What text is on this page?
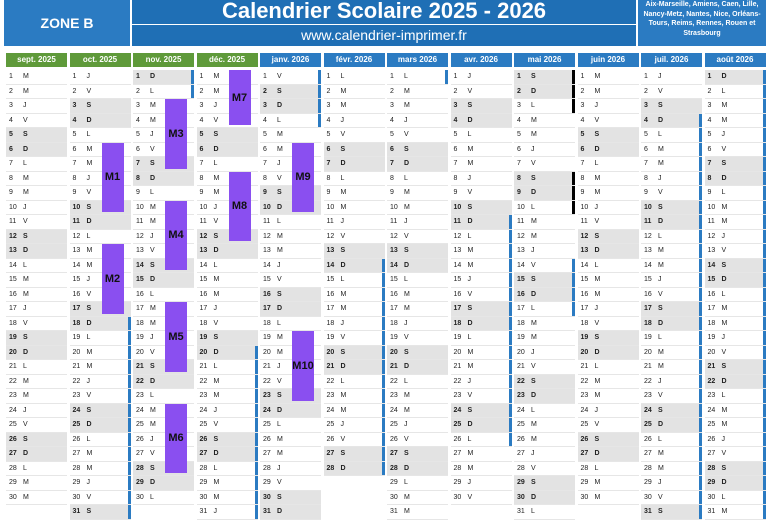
ZONE B	Calendrier Scolaire 2025 - 2026
www.calendrier-imprimer.fr
Aix-Marseille, Amiens, Caen, Lille, Nancy-Metz, Nantes, Nice, Orléans-Tours, Reims, Rennes, Rouen et Strasbourg
sept. 2025
1 M
2 M
3 J
4 V
5 S
6 D
7 L
8 M
9 M
10 J
11 V
12 S
13 D
14 L
15 M
16 M
17 J
18 V
19 S
20 D
21 L
22 M
23 M
24 J
25 V
26 S
27 D
28 L
29 M
30 M
oct. 2025
1 J
2 V
3 S
4 D
5 L
6 M
7 M
8 J
9 V
10 S
11 D
12 L
13 M
14 M
15 J
16 V
17 S
18 D
19 L
20 M
21 M
22 J
23 V
24 S
25 D
26 L
27 M
28 M
29 J
30 V
31 S
nov. 2025
1 D
2 L
3 M
4 M
5 J
6 V
7 S
8 D
9 L
10 M
11 M
12 J
13 V
14 S
15 D
16 L
17 M
18 M
19 J
20 V
21 S
22 D
23 L
24 M
25 M
26 J
27 V
28 S
29 D
30 L
déc. 2025
1 M
2 M
3 J
4 V
5 S
6 D
7 L
8 M
9 M
10 J
11 V
12 S
13 D
14 L
15 M
16 M
17 J
18 V
19 S
20 D
21 L
22 M
23 M
24 J
25 V
26 S
27 D
28 L
29 M
30 M
31 J
janv. 2026
1 V
2 S
3 D
4 L
5 M
6 M
7 J
8 V
9 S
10 D
11 L
12 M
13 M
14 J
15 V
16 S
17 D
18 L
19 M
20 M
21 J
22 V
23 S
24 D
25 L
26 M
27 M
28 J
29 V
30 S
31 D
févr. 2026
1 L
2 M
3 M
4 J
5 V
6 S
7 D
8 L
9 M
10 M
11 J
12 V
13 S
14 D
15 L
16 M
17 M
18 J
19 V
20 S
21 D
22 L
23 M
24 M
25 J
26 V
27 S
28 D
mars 2026
1 L
2 M
3 M
4 J
5 V
6 S
7 D
8 L
9 M
10 M
11 J
12 V
13 S
14 D
15 L
16 M
17 M
18 J
19 V
20 S
21 D
22 L
23 M
24 M
25 J
26 V
27 S
28 D
29 L
30 M
31 M
avr. 2026
1 J
2 V
3 S
4 D
5 L
6 M
7 M
8 J
9 V
10 S
11 D
12 L
13 M
14 M
15 J
16 V
17 S
18 D
19 L
20 M
21 M
22 J
23 V
24 S
25 D
26 L
27 M
28 M
29 J
30 V
mai 2026
1 S
2 D
3 L
4 M
5 M
6 J
7 V
8 S
9 D
10 L
11 M
12 M
13 J
14 V
15 S
16 D
17 L
18 M
19 M
20 J
21 V
22 S
23 D
24 L
25 M
26 M
27 J
28 V
29 S
30 D
31 L
juin 2026
1 M
2 M
3 J
4 V
5 S
6 D
7 L
8 M
9 M
10 J
11 V
12 S
13 D
14 L
15 M
16 M
17 J
18 V
19 S
20 D
21 L
22 M
23 M
24 J
25 V
26 S
27 D
28 L
29 M
30 M
juil. 2026
1 J
2 V
3 S
4 D
5 L
6 M
7 M
8 J
9 V
10 S
11 D
12 L
13 M
14 M
15 J
16 V
17 S
18 D
19 L
20 M
21 M
22 J
23 V
24 S
25 D
26 L
27 M
28 M
29 J
30 V
31 S
août 2026
1 D
2 L
3 M
4 M
5 J
6 V
7 S
8 D
9 L
10 M
11 M
12 J
13 V
14 S
15 D
16 L
17 M
18 M
19 J
20 V
21 S
22 D
23 L
24 M
25 M
26 J
27 V
28 S
29 D
30 L
31 M
M1
M2
M3
M4
M5
M6
M7
M8
M9
M10
